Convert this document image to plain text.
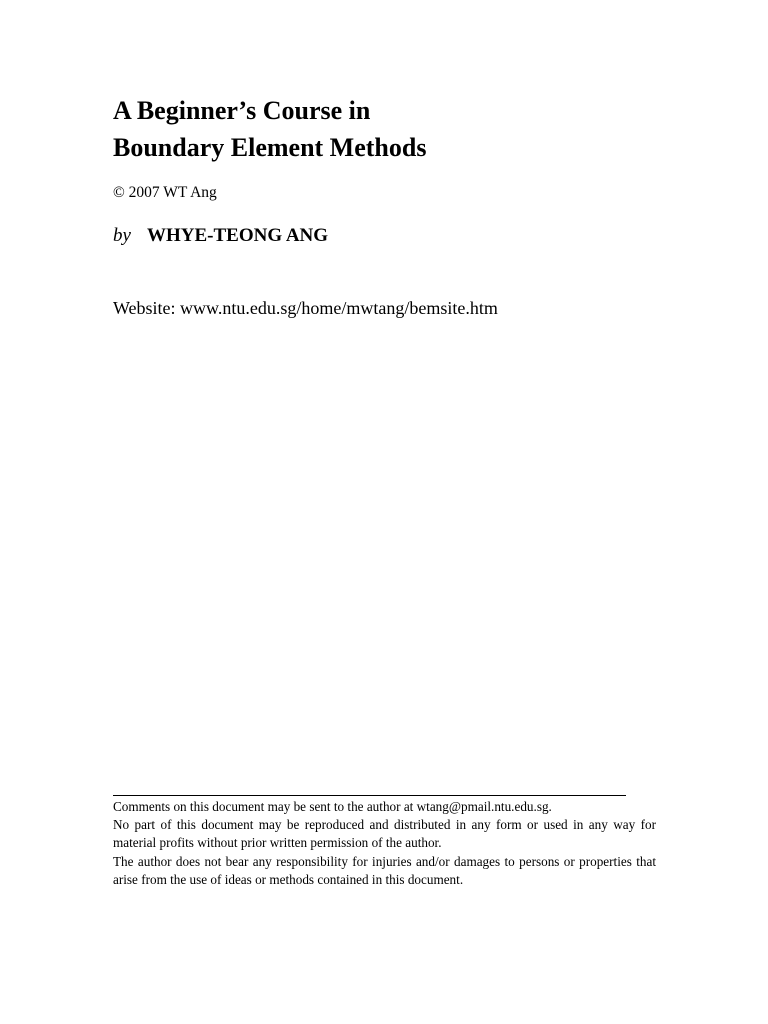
A Beginner’s Course in
Boundary Element Methods
© 2007 WT Ang
by WHYE-TEONG ANG
Website: www.ntu.edu.sg/home/mwtang/bemsite.htm

Comments on this document may be sent to the author at wtang@pmail.ntu.edu.sg.

No part of this document may be reproduced and distributed in any form or used in any way for material profits without prior written permission of the author.

The author does not bear any responsibility for injuries and/or damages to persons or properties that arise from the use of ideas or methods contained in this document.
